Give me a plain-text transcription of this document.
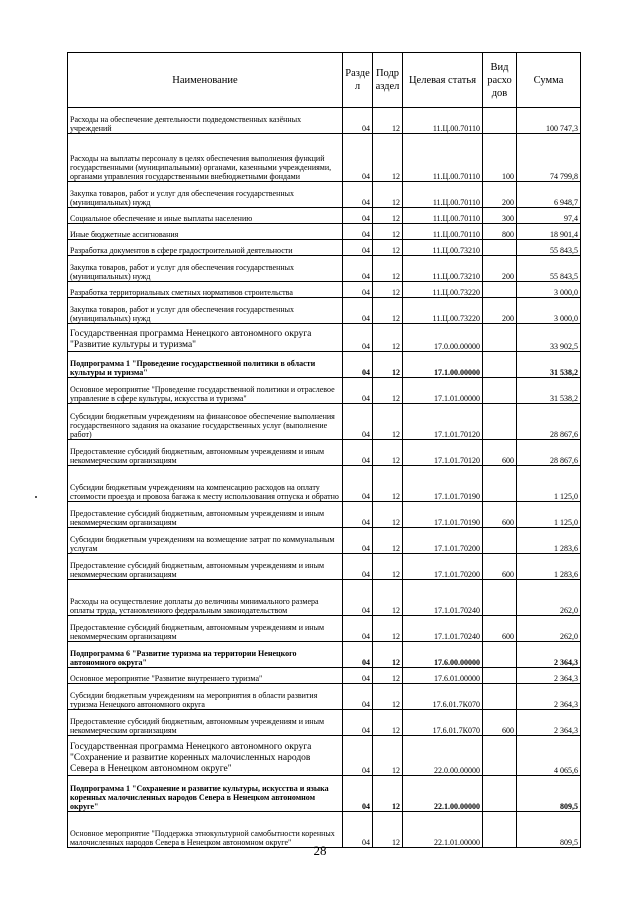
Наименование	Разде л	Подр аздел	Целевая статья	Вид расхо дов	Сумма
Расходы на обеспечение деятельности подведомственных казённых учреждений	04	12	11.Ц.00.70110		100 747,3
Расходы на выплаты персоналу в целях обеспечения выполнения функций государственными (муниципальными) органами, казенными учреждениями, органами управления государственными внебюджетными фондами	04	12	11.Ц.00.70110	100	74 799,8
Закупка товаров, работ и услуг для обеспечения государственных (муниципальных) нужд	04	12	11.Ц.00.70110	200	6 948,7
Социальное обеспечение и иные выплаты населению	04	12	11.Ц.00.70110	300	97,4
Иные бюджетные ассигнования	04	12	11.Ц.00.70110	800	18 901,4
Разработка документов в сфере градостроительной деятельности	04	12	11.Ц.00.73210		55 843,5
Закупка товаров, работ и услуг для обеспечения государственных (муниципальных) нужд	04	12	11.Ц.00.73210	200	55 843,5
Разработка территориальных сметных нормативов строительства	04	12	11.Ц.00.73220		3 000,0
Закупка товаров, работ и услуг для обеспечения государственных (муниципальных) нужд	04	12	11.Ц.00.73220	200	3 000,0
Государственная программа Ненецкого автономного округа "Развитие культуры и туризма"	04	12	17.0.00.00000		33 902,5
Подпрограмма 1 "Проведение государственной политики в области культуры и туризма"	04	12	17.1.00.00000		31 538,2
Основное мероприятие "Проведение государственной политики и отраслевое управление в сфере культуры, искусства и туризма"	04	12	17.1.01.00000		31 538,2
Субсидии бюджетным учреждениям на финансовое обеспечение выполнения государственного задания на оказание государственных услуг (выполнение работ)	04	12	17.1.01.70120		28 867,6
Предоставление субсидий бюджетным, автономным учреждениям и иным некоммерческим организациям	04	12	17.1.01.70120	600	28 867,6
Субсидии бюджетным учреждениям на компенсацию расходов на оплату стоимости проезда и провоза багажа к месту использования отпуска и обратно	04	12	17.1.01.70190		1 125,0
Предоставление субсидий бюджетным, автономным учреждениям и иным некоммерческим организациям	04	12	17.1.01.70190	600	1 125,0
Субсидии бюджетным учреждениям на возмещение затрат по коммунальным услугам	04	12	17.1.01.70200		1 283,6
Предоставление субсидий бюджетным, автономным учреждениям и иным некоммерческим организациям	04	12	17.1.01.70200	600	1 283,6
Расходы на осуществление доплаты до величины минимального размера оплаты труда, установленного федеральным законодательством	04	12	17.1.01.70240		262,0
Предоставление субсидий бюджетным, автономным учреждениям и иным некоммерческим организациям	04	12	17.1.01.70240	600	262,0
Подпрограмма 6 "Развитие туризма на территории Ненецкого автономного округа"	04	12	17.6.00.00000		2 364,3
Основное мероприятие "Развитие внутреннего туризма"	04	12	17.6.01.00000		2 364,3
Субсидии бюджетным учреждениям на мероприятия в области развития туризма Ненецкого автономного округа	04	12	17.6.01.7К070		2 364,3
Предоставление субсидий бюджетным, автономным учреждениям и иным некоммерческим организациям	04	12	17.6.01.7К070	600	2 364,3
Государственная программа Ненецкого автономного округа "Сохранение и развитие коренных малочисленных народов Севера в Ненецком автономном округе"	04	12	22.0.00.00000		4 065,6
Подпрограмма 1 "Сохранение и развитие культуры, искусства и языка коренных малочисленных народов Севера в Ненецком автономном округе"	04	12	22.1.00.00000		809,5
Основное мероприятие "Поддержка этнокультурной самобытности коренных малочисленных народов Севера в Ненецком автономном округе"	04	12	22.1.01.00000		809,5
28
